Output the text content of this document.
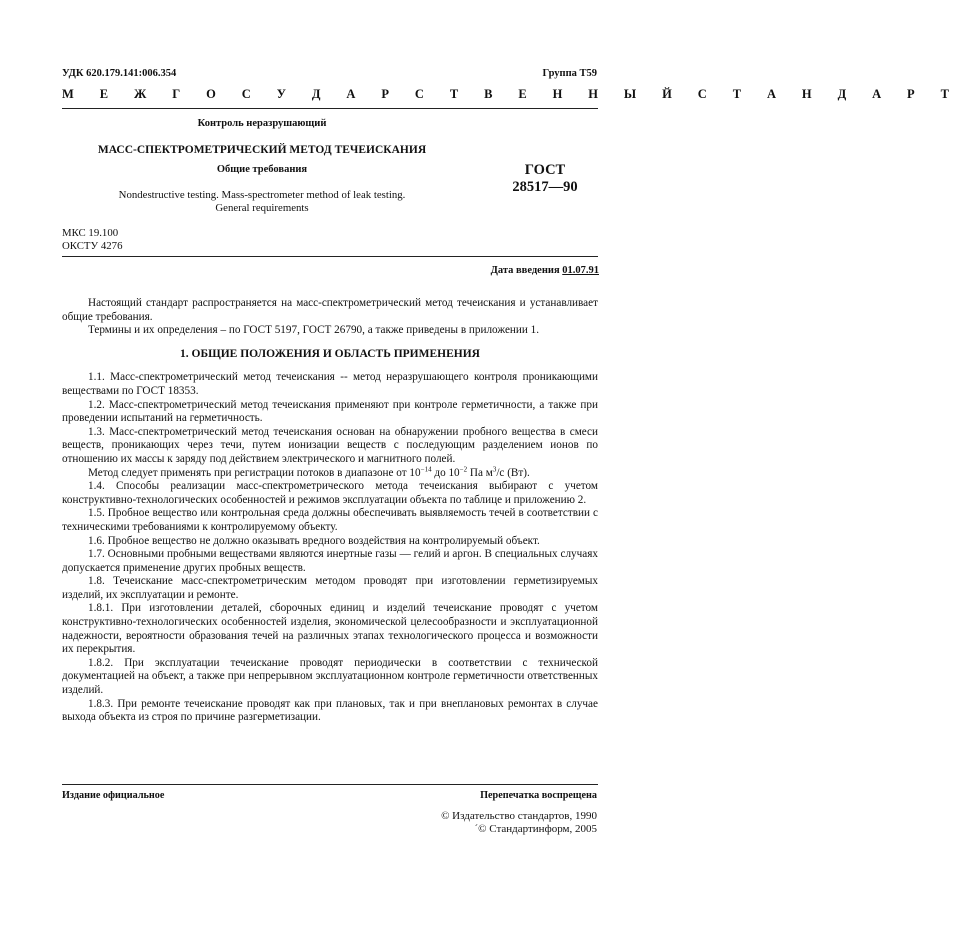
УДК 620.179.141:006.354	Группа Т59
М Е Ж Г О С У Д А Р С Т В Е Н Н Ы Й С Т А Н Д А Р Т
Контроль неразрушающий
МАСС-СПЕКТРОМЕТРИЧЕСКИЙ МЕТОД ТЕЧЕИСКАНИЯ
Общие требования	ГОСТ
28517—90
Nondestructive testing. Mass-spectrometer method of leak testing.
General requirements
МКС 19.100
ОКСТУ 4276
Дата введения 01.07.91

Настоящий стандарт распространяется на масс-спектрометрический метод течеискания и устанавливает общие требования.

Термины и их определения – по ГОСТ 5197, ГОСТ 26790, а также приведены в приложении 1.

1. ОБЩИЕ ПОЛОЖЕНИЯ И ОБЛАСТЬ ПРИМЕНЕНИЯ

1.1. Масс-спектрометрический метод течеискания -- метод неразрушающего контроля проникающими веществами по ГОСТ 18353.

1.2. Масс-спектрометрический метод течеискания применяют при контроле герметичности, а также при проведении испытаний на герметичность.

1.3. Масс-спектрометрический метод течеискания основан на обнаружении пробного вещества в смеси веществ, проникающих через течи, путем ионизации веществ с последующим разделением ионов по отношению их массы к заряду под действием электрического и магнитного полей.

Метод следует применять при регистрации потоков в диапазоне от $10^{-14}$ до $10^{-2}$ Па $м^3/с$ (Вт).

1.4. Способы реализации масс-спектрометрического метода течеискания выбирают с учетом конструктивно-технологических особенностей и режимов эксплуатации объекта по таблице и приложению 2.

1.5. Пробное вещество или контрольная среда должны обеспечивать выявляемость течей в соответствии с техническими требованиями к контролируемому объекту.

1.6. Пробное вещество не должно оказывать вредного воздействия на контролируемый объект.

1.7. Основными пробными веществами являются инертные газы — гелий и аргон. В специальных случаях допускается применение других пробных веществ.

1.8. Течеискание масс-спектрометрическим методом проводят при изготовлении герметизируемых изделий, их эксплуатации и ремонте.

1.8.1. При изготовлении деталей, сборочных единиц и изделий течеискание проводят с учетом конструктивно-технологических особенностей изделия, экономической целесообразности и эксплуатационной надежности, вероятности образования течей на различных этапах технологического процесса и возможности их перекрытия.

1.8.2. При эксплуатации течеискание проводят периодически в соответствии с технической документацией на объект, а также при непрерывном эксплуатационном контроле герметичности ответственных изделий.

1.8.3. При ремонте течеискание проводят как при плановых, так и при внеплановых ремонтах в случае выхода объекта из строя по причине разгерметизации.

Издание официальное	Перепечатка воспрещена
© Издательство стандартов, 1990
´© Стандартинформ, 2005
